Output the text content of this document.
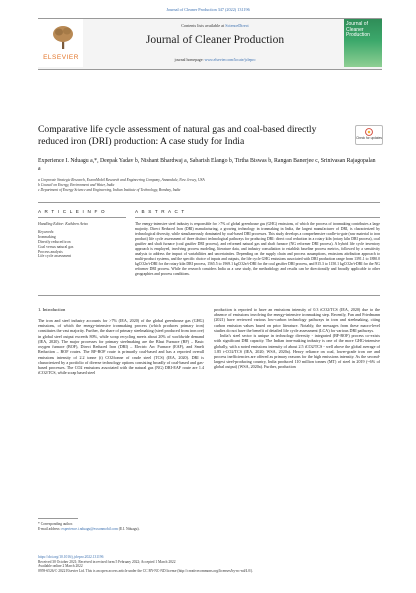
Journal of Cleaner Production 347 (2022) 131196
ELSEVIER
Contents lists available at ScienceDirect
Journal of Cleaner Production
journal homepage: www.elsevier.com/locate/jclepro
Journal of Cleaner Production
Comparative life cycle assessment of natural gas and coal-based directly reduced iron (DRI) production: A case study for India	Check for updates
Experience I. Nduagu a,*, Deepak Yadav b, Nishant Bhardwaj a, Sabarish Elango b, Tirtha Biswas b, Rangan Banerjee c, Srinivasan Rajagopalan a
a Corporate Strategic Research, ExxonMobil Research and Engineering Company, Annandale, New Jersey, USA
b Council on Energy, Environment and Water, India
c Department of Energy Science and Engineering, Indian Institute of Technology, Bombay, India
A R T I C L E I N F O	A B S T R A C T
Handling Editor: Kathleen Aviso
Keywords:
Ironmaking
Directly reduced iron
Coal versus natural gas
Process analysis
Life cycle assessment
The energy-intensive steel industry is responsible for >7% of global greenhouse gas (GHG) emissions, of which the process of ironmaking contributes a large majority. Direct Reduced Iron (DRI) manufacturing, a growing technology in ironmaking in India, the largest manufacturer of DRI, is characterized by technological diversity, while simultaneously dominated by coal-based DRI processes. This study develops a comprehensive cradle-to-gate (raw material to iron product) life cycle assessment of three distinct technological pathways for producing DRI: direct coal reduction in a rotary kiln (rotary kiln DRI process), coal gasifier and shaft furnace (coal gasifier DRI process), and reformed natural gas and shaft furnace (NG reformer DRI process). A hybrid life cycle inventory approach is employed, involving process modeling, literature data, and industry consultation to establish baseline process metrics, followed by a sensitivity analysis to address the impact of variabilities and uncertainties. Depending on the supply chain and process assumptions, emissions attribution approach to multi-product systems, and the specific choice of inputs and outputs, the life cycle GHG emissions associated with DRI production range from 1391.1 to 1880.0 kgCO2e/t-DRI for the rotary kiln DRI process, 1565.5 to 1969.1 kgCO2e/t-DRI for the coal gasifier DRI process, and 815.3 to 1150.1 kgCO2e/t-DRI for the NG reformer DRI process. While the research considers India as a case study, the methodology and results can be directionally and broadly applicable to other geographies and process conditions.
1. Introduction
The iron and steel industry accounts for >7% (IEA, 2020) of the global greenhouse gas (GHG) emissions, of which the energy-intensive ironmaking process (which produces primary iron) constitutes the vast majority. Further, the share of primary steelmaking (steel produced from iron ore) in global steel output exceeds 80%, while scrap recycling meets about 20% of worldwide demand (IEA, 2020). The major processes for primary steelmaking are the Blast Furnace (BF) – Basic oxygen furnace (BOF), Direct Reduced Iron (DRI) – Electric Arc Furnace (EAF), and Smelt Reduction – BOF routes. The BF-BOF route is primarily coal-based and has a reported overall emissions intensity of 2.2 tonne (t) CO2/tonne of crude steel (TCS) (IEA, 2020). DRI is characterized by a portfolio of diverse technology options consisting broadly of coal-based and gas-based processes. The CO2 emissions associated with the natural gas (NG) DRI-EAF route are 1.4 tCO2/TCS, while scrap based steel
production is reported to have an emissions intensity of 0.3 tCO2/TCS (IEA, 2020) due to the absence of emissions involving the energy-intensive ironmaking step. Recently, Fan and Friedmann (2021) have reviewed various low-carbon technology pathways in iron and steelmaking, citing carbon emission values based on prior literature. Notably, the messages from these macro-level studies do not have the benefit of detailed life cycle assessment (LCA) for various DRI pathways.
India’s steel sector is unique in technology diversity - integrated (BF-BOF) process co-exists with significant DRI capacity. The Indian iron-making industry is one of the more GHG-intensive globally, with a noted emissions intensity of about 2.5 tCO2/TCS - well above the global average of 1.85 t-CO2/TCS (IEA, 2020; WSA, 2020a). Heavy reliance on coal, lower-grade iron ore and process inefficiencies are offered as primary reasons for the high emissions intensity. As the second-largest steel-producing country, India produced 110 million tonnes (MT) of steel in 2019 (~6% of global output) (WSA, 2020a). Further, production
* Corresponding author.
E-mail address: experience.i.nduagu@exxonmobil.com (E.I. Nduagu).
https://doi.org/10.1016/j.jclepro.2022.131196
Received 30 October 2021; Received in revised form 5 February 2022; Accepted 1 March 2022
Available online 2 March 2022
0959-6526/© 2022 Elsevier Ltd. This is an open access article under the CC BY-NC-ND license (http://creativecommons.org/licenses/by-nc-nd/4.0/).
